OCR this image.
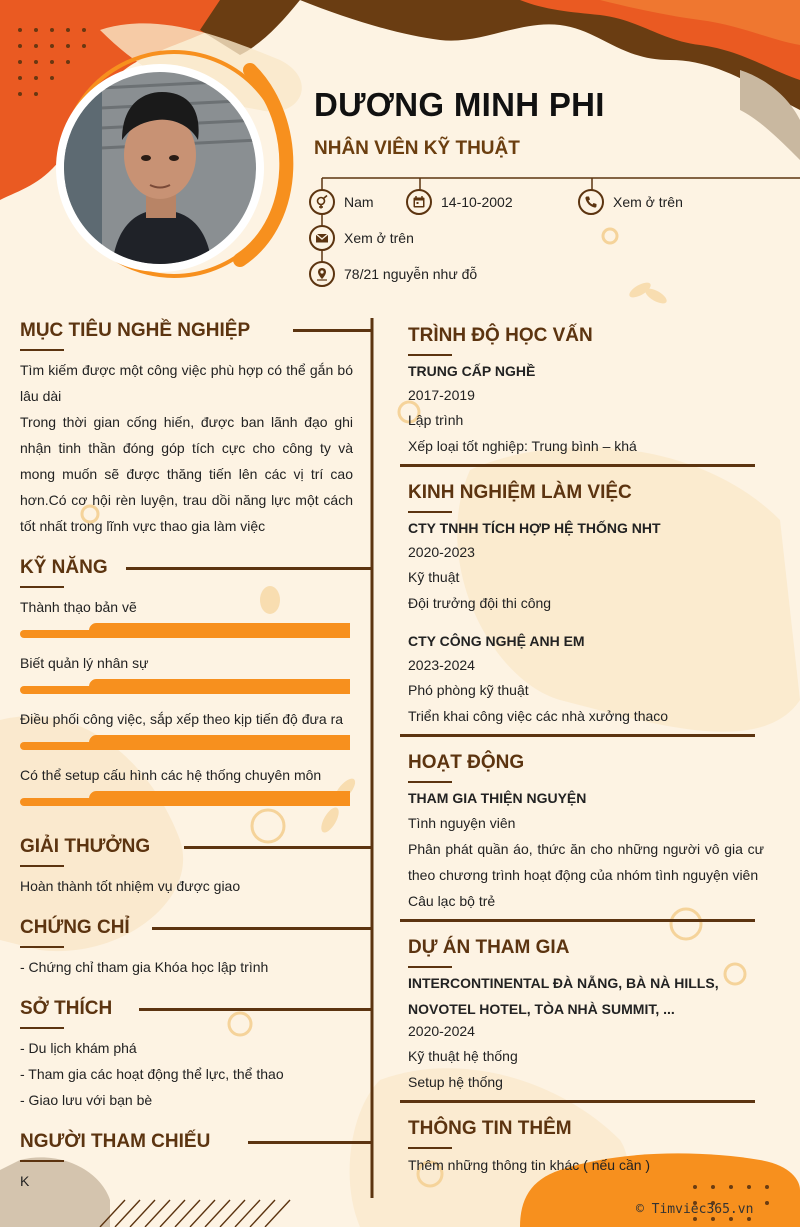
DƯƠNG MINH PHI
NHÂN VIÊN KỸ THUẬT
Nam	14-10-2002	Xem ở trên
Xem ở trên
78/21 nguyễn như đỗ
MỤC TIÊU NGHỀ NGHIỆP
Tìm kiếm được một công việc phù hợp có thể gắn bó lâu dài
Trong thời gian cống hiến, được ban lãnh đạo ghi nhận tinh thần đóng góp tích cực cho công ty và mong muốn sẽ được thăng tiến lên các vị trí cao hơn.Có cơ hội rèn luyện, trau dồi năng lực một cách tốt nhất trong lĩnh vực thao gia làm việc
KỸ NĂNG
Thành thạo bản vẽ
Biết quản lý nhân sự
Điều phối công việc, sắp xếp theo kịp tiến độ đưa ra
Có thể setup cấu hình các hệ thống chuyên môn
GIẢI THƯỞNG
Hoàn thành tốt nhiệm vụ được giao
CHỨNG CHỈ
- Chứng chỉ tham gia Khóa học lập trình
SỞ THÍCH
- Du lịch khám phá
- Tham gia các hoạt động thể lực, thể thao
- Giao lưu với bạn bè
NGƯỜI THAM CHIẾU
K
TRÌNH ĐỘ HỌC VẤN
TRUNG CẤP NGHỀ
2017-2019
Lập trình
Xếp loại tốt nghiệp: Trung bình – khá
KINH NGHIỆM LÀM VIỆC
CTY TNHH TÍCH HỢP HỆ THỐNG NHT
2020-2023
Kỹ thuật
Đội trưởng đội thi công
CTY CÔNG NGHỆ ANH EM
2023-2024
Phó phòng kỹ thuật
Triển khai công việc các nhà xưởng thaco
HOẠT ĐỘNG
THAM GIA THIỆN NGUYỆN
Tình nguyện viên
Phân phát quần áo, thức ăn cho những người vô gia cư theo chương trình hoạt động của nhóm tình nguyện viên
Câu lạc bộ trẻ
DỰ ÁN THAM GIA
INTERCONTINENTAL ĐÀ NẴNG, BÀ NÀ HILLS, NOVOTEL HOTEL, TÒA NHÀ SUMMIT, ...
2020-2024
Kỹ thuật hệ thống
Setup hệ thống
THÔNG TIN THÊM
Thêm những thông tin khác ( nếu cần )
© Timviec365.vn
